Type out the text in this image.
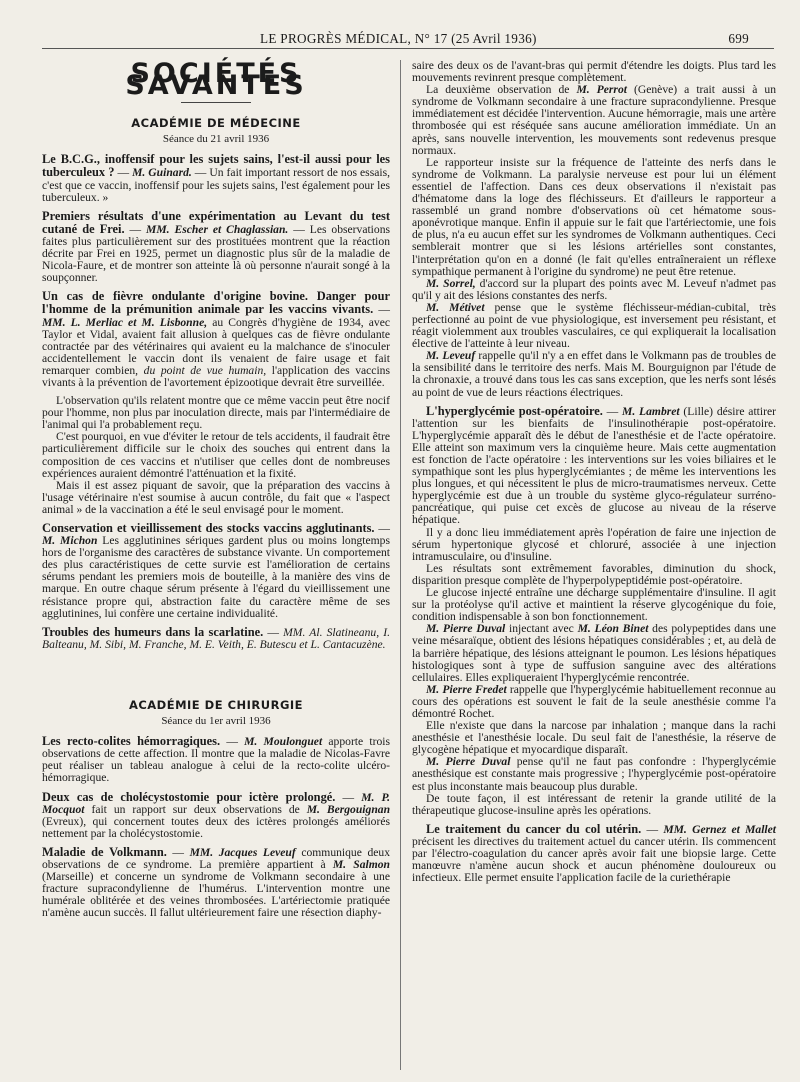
LE PROGRÈS MÉDICAL, N° 17 (25 Avril 1936)	699
SOCIÉTÉS SAVANTES
ACADÉMIE DE MÉDECINE
Séance du 21 avril 1936

Le B.C.G., inoffensif pour les sujets sains, l'est-il aussi pour les tuberculeux ? — M. Guinard. — Un fait important ressort de nos essais, c'est que ce vaccin, inoffensif pour les sujets sains, l'est également pour les tuberculeux. »

Premiers résultats d'une expérimentation au Levant du test cutané de Frei. — MM. Escher et Chaglassian. — Les observations faites plus particulièrement sur des prostituées montrent que la réaction décrite par Frei en 1925, permet un diagnostic plus sûr de la maladie de Nicola-Faure, et de montrer son atteinte là où personne n'aurait songé à la soupçonner.

Un cas de fièvre ondulante d'origine bovine. Danger pour l'homme de la prémunition animale par les vaccins vivants. — MM. L. Merliac et M. Lisbonne, au Congrès d'hygiène de 1934, avec Taylor et Vidal, avaient fait allusion à quelques cas de fièvre ondulante contractée par des vétérinaires qui avaient eu la malchance de s'inoculer accidentellement le vaccin dont ils venaient de faire usage et fait remarquer combien, du point de vue humain, l'application des vaccins vivants à la prévention de l'avortement épizootique devrait être surveillée.

L'observation qu'ils relatent montre que ce même vaccin peut être nocif pour l'homme, non plus par inoculation directe, mais par l'intermédiaire de l'animal qui l'a probablement reçu.

C'est pourquoi, en vue d'éviter le retour de tels accidents, il faudrait être particulièrement difficile sur le choix des souches qui entrent dans la composition de ces vaccins et n'utiliser que celles dont de nombreuses expériences auraient démontré l'atténuation et la fixité.

Mais il est assez piquant de savoir, que la préparation des vaccins à l'usage vétérinaire n'est soumise à aucun contrôle, du fait que « l'aspect animal » de la vaccination a été le seul envisagé pour le moment.

Conservation et vieillissement des stocks vaccins agglutinants. — M. Michon Les agglutinines sériques gardent plus ou moins longtemps hors de l'organisme des caractères de substance vivante. Un comportement des plus caractéristiques de cette survie est l'amélioration de certains sérums pendant les premiers mois de bouteille, à la manière des vins de marque. En outre chaque sérum présente à l'égard du vieillissement une résistance propre qui, abstraction faite du caractère même de ses agglutinines, lui confère une certaine individualité.

Troubles des humeurs dans la scarlatine. — MM. Al. Slatineanu, I. Balteanu, M. Sibi, M. Franche, M. E. Veith, E. Butescu et L. Cantacuzène.

ACADÉMIE DE CHIRURGIE
Séance du 1er avril 1936

Les recto-colites hémorragiques. — M. Moulonguet apporte trois observations de cette affection. Il montre que la maladie de Nicolas-Favre peut réaliser un tableau analogue à celui de la recto-colite ulcéro-hémorragique.

Deux cas de cholécystostomie pour ictère prolongé. — M. P. Mocquot fait un rapport sur deux observations de M. Bergouignan (Evreux), qui concernent toutes deux des ictères prolongés améliorés nettement par la cholécystostomie.

Maladie de Volkmann. — MM. Jacques Leveuf communique deux observations de ce syndrome. La première appartient à M. Salmon (Marseille) et concerne un syndrome de Volkmann secondaire à une fracture supracondylienne de l'humérus. L'intervention montre une humérale oblitérée et des veines thrombosées. L'artériectomie pratiquée n'amène aucun succès. Il fallut ultérieurement faire une résection diaphy-

saire des deux os de l'avant-bras qui permit d'étendre les doigts. Plus tard les mouvements revinrent presque complètement.

La deuxième observation de M. Perrot (Genève) a trait aussi à un syndrome de Volkmann secondaire à une fracture supracondylienne. Presque immédiatement est décidée l'intervention. Aucune hémorragie, mais une artère thrombosée qui est réséquée sans aucune amélioration immédiate. Un an après, sans nouvelle intervention, les mouvements sont redevenus presque normaux.

Le rapporteur insiste sur la fréquence de l'atteinte des nerfs dans le syndrome de Volkmann. La paralysie nerveuse est pour lui un élément essentiel de l'affection. Dans ces deux observations il n'existait pas d'hématome dans la loge des fléchisseurs. Et d'ailleurs le rapporteur a rassemblé un grand nombre d'observations où cet hématome sous-aponévrotique manque. Enfin il appuie sur le fait que l'artériectomie, une fois de plus, n'a eu aucun effet sur les syndromes de Volkmann authentiques. Ceci semblerait montrer que si les lésions artérielles sont constantes, l'interprétation qu'on en a donné (le fait qu'elles entraîneraient un réflexe sympathique permanent à l'origine du syndrome) ne peut être retenue.

M. Sorrel, d'accord sur la plupart des points avec M. Leveuf n'admet pas qu'il y ait des lésions constantes des nerfs.

M. Métivet pense que le système fléchisseur-médian-cubital, très perfectionné au point de vue physiologique, est inversement peu résistant, et réagit violemment aux troubles vasculaires, ce qui expliquerait la localisation élective de l'atteinte à leur niveau.

M. Leveuf rappelle qu'il n'y a en effet dans le Volkmann pas de troubles de la sensibilité dans le territoire des nerfs. Mais M. Bourguignon par l'étude de la chronaxie, a trouvé dans tous les cas sans exception, que les nerfs sont lésés au point de vue de leurs réactions électriques.

L'hyperglycémie post-opératoire. — M. Lambret (Lille) désire attirer l'attention sur les bienfaits de l'insulinothérapie post-opératoire. L'hyperglycémie apparaît dès le début de l'anesthésie et de l'acte opératoire. Elle atteint son maximum vers la cinquième heure. Mais cette augmentation est fonction de l'acte opératoire : les interventions sur les voies biliaires et le sympathique sont les plus hyperglycémiantes ; de même les interventions les plus longues, et qui nécessitent le plus de micro-traumatismes nerveux. Cette hyperglycémie est due à un trouble du système glyco-régulateur surréno-pancréatique, qui puise cet excès de glucose au niveau de la réserve hépatique.

Il y a donc lieu immédiatement après l'opération de faire une injection de sérum hypertonique glycosé et chloruré, associée à une injection intramusculaire, ou d'insuline.

Les résultats sont extrêmement favorables, diminution du shock, disparition presque complète de l'hyperpolypeptidémie post-opératoire.

Le glucose injecté entraîne une décharge supplémentaire d'insuline. Il agit sur la protéolyse qu'il active et maintient la réserve glycogénique du foie, condition indispensable à son bon fonctionnement.

M. Pierre Duval injectant avec M. Léon Binet des polypeptides dans une veine mésaraïque, obtient des lésions hépatiques considérables ; et, au delà de la barrière hépatique, des lésions atteignant le poumon. Les lésions hépatiques histologiques sont à type de suffusion sanguine avec des altérations cellulaires. Elles expliqueraient l'hyperglycémie rencontrée.

M. Pierre Fredet rappelle que l'hyperglycémie habituellement reconnue au cours des opérations est souvent le fait de la seule anesthésie comme l'a démontré Rochet.

Elle n'existe que dans la narcose par inhalation ; manque dans la rachi anesthésie et l'anesthésie locale. Du seul fait de l'anesthésie, la réserve de glycogène hépatique et myocardique disparaît.

M. Pierre Duval pense qu'il ne faut pas confondre : l'hyperglycémie anesthésique est constante mais progressive ; l'hyperglycémie post-opératoire est plus inconstante mais beaucoup plus durable.

De toute façon, il est intéressant de retenir la grande utilité de la thérapeutique glucose-insuline après les opérations.

Le traitement du cancer du col utérin. — MM. Gernez et Mallet précisent les directives du traitement actuel du cancer utérin. Ils commencent par l'électro-coagulation du cancer après avoir fait une biopsie large. Cette manœuvre n'amène aucun shock et aucun phénomène douloureux ou infectieux. Elle permet ensuite l'application facile de la curiethérapie
